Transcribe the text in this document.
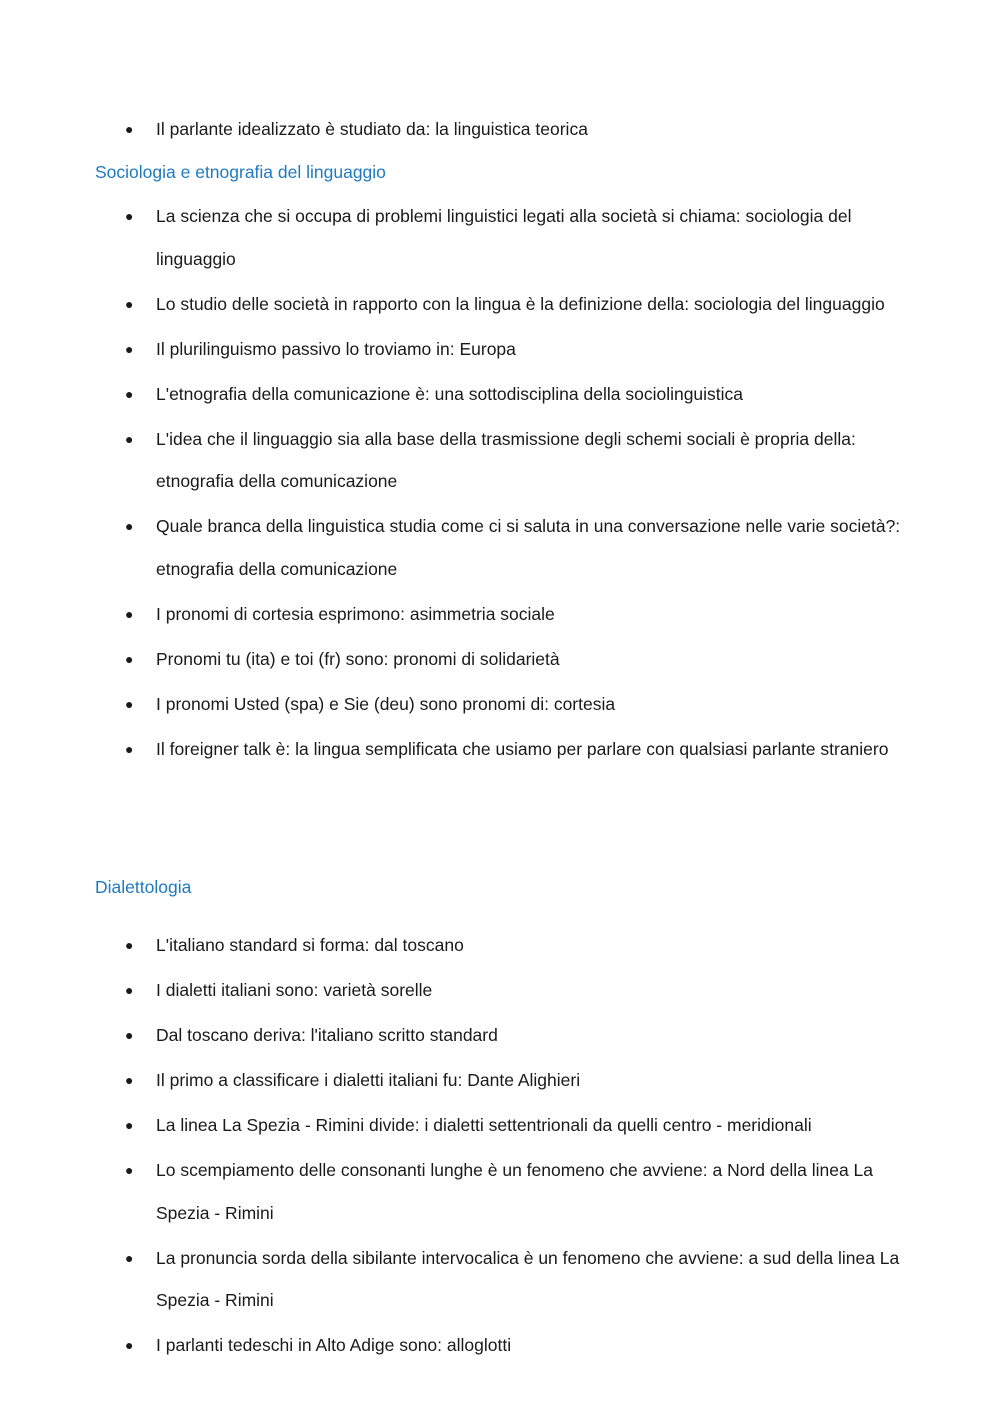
● Il parlante idealizzato è studiato da: la linguistica teorica
Sociologia e etnografia del linguaggio
● La scienza che si occupa di problemi linguistici legati alla società si chiama: sociologia del linguaggio
● Lo studio delle società in rapporto con la lingua è la definizione della: sociologia del linguaggio
● Il plurilinguismo passivo lo troviamo in: Europa
● L'etnografia della comunicazione è: una sottodisciplina della sociolinguistica
● L'idea che il linguaggio sia alla base della trasmissione degli schemi sociali è propria della: etnografia della comunicazione
● Quale branca della linguistica studia come ci si saluta in una conversazione nelle varie società?: etnografia della comunicazione
● I pronomi di cortesia esprimono: asimmetria sociale
● Pronomi tu (ita) e toi (fr) sono: pronomi di solidarietà
● I pronomi Usted (spa) e Sie (deu) sono pronomi di: cortesia
● Il foreigner talk è: la lingua semplificata che usiamo per parlare con qualsiasi parlante straniero
Dialettologia
● L'italiano standard si forma: dal toscano
● I dialetti italiani sono: varietà sorelle
● Dal toscano deriva: l'italiano scritto standard
● Il primo a classificare i dialetti italiani fu: Dante Alighieri
● La linea La Spezia - Rimini divide: i dialetti settentrionali da quelli centro - meridionali
● Lo scempiamento delle consonanti lunghe è un fenomeno che avviene: a Nord della linea La Spezia - Rimini
● La pronuncia sorda della sibilante intervocalica è un fenomeno che avviene: a sud della linea La Spezia - Rimini
● I parlanti tedeschi in Alto Adige sono: alloglotti
